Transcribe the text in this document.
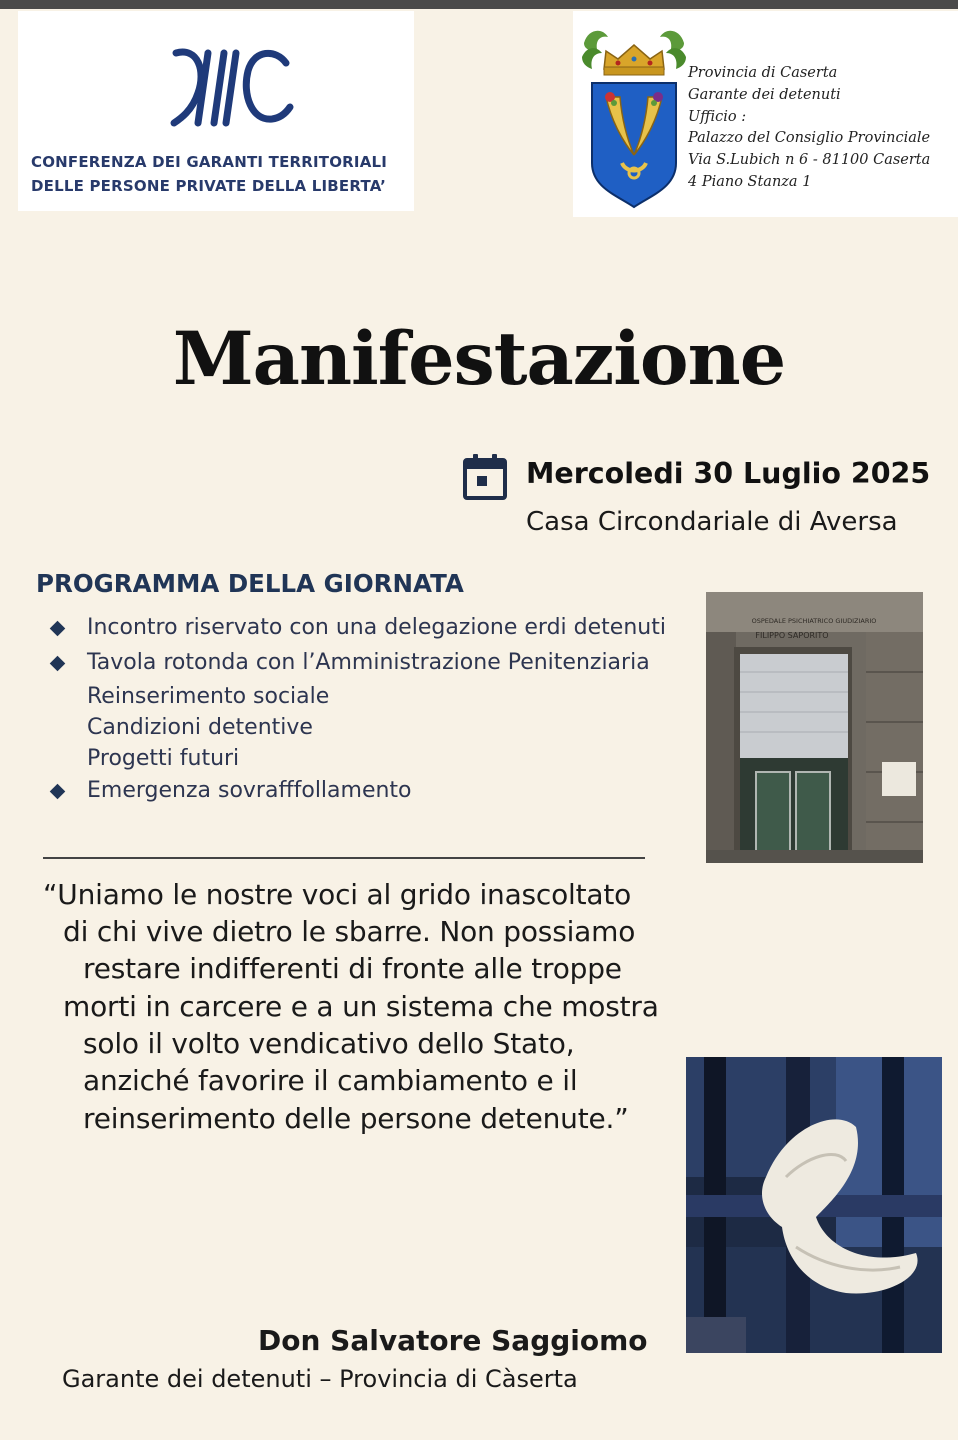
CONFERENZA DEI GARANTI TERRITORIALI
DELLE PERSONE PRIVATE DELLA LIBERTA’
Provincia di Caserta
Garante dei detenuti
Ufficio :
Palazzo del Consiglio Provinciale
Via S.Lubich n 6 - 81100 Caserta
4 Piano Stanza 1
Manifestazione
Mercoledi 30 Luglio 2025
Casa Circondariale di Aversa
PROGRAMMA DELLA GIORNATA
Incontro riservato con una delegazione erdi detenuti
Tavola rotonda con l’Amministrazione Penitenziaria
Reinserimento sociale
Candizioni detentive
Progetti futuri
Emergenza sovrafffollamento
OSPEDALE PSICHIATRICO GIUDIZIARIO
FILIPPO SAPORITO
“Uniamo le nostre voci al grido inascoltato
di chi vive dietro le sbarre. Non possiamo
restare indifferenti di fronte alle troppe
morti in carcere e a un sistema che mostra
solo il volto vendicativo dello Stato,
anziché favorire il cambiamento e il
reinserimento delle persone detenute.”
Don Salvatore Saggiomo
Garante dei detenuti – Provincia di Càserta
